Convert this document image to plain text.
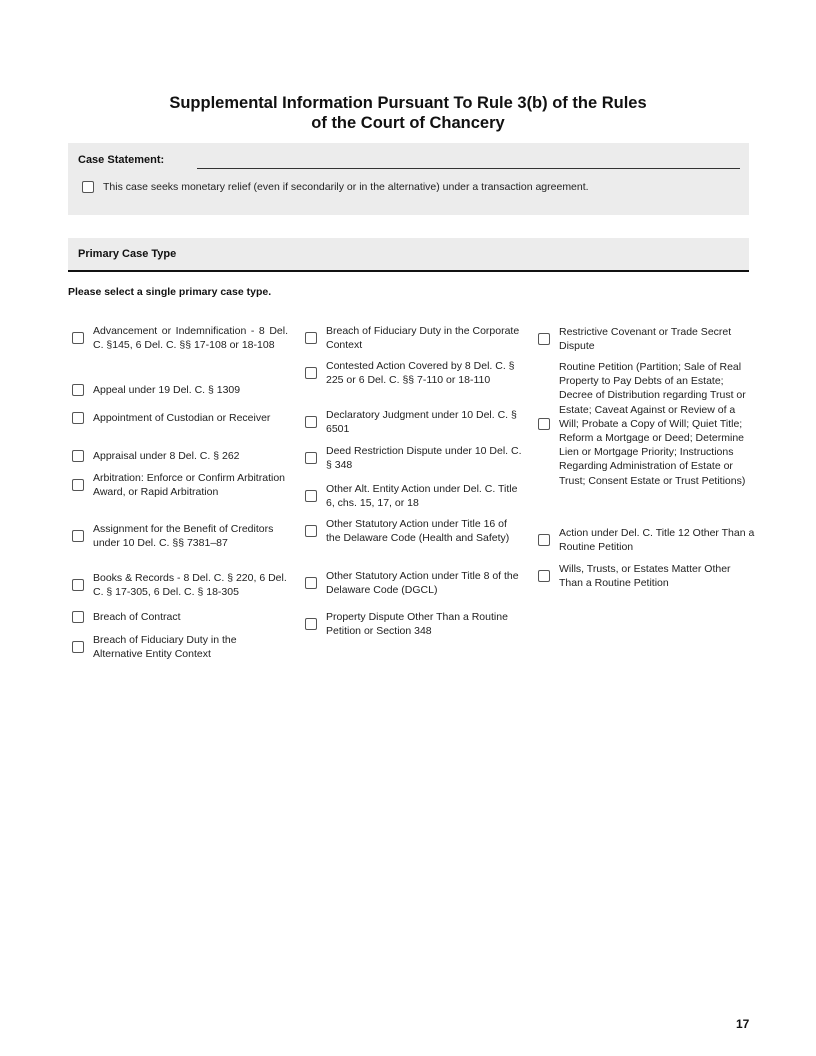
Supplemental Information Pursuant To Rule 3(b) of the Rules
of the Court of Chancery
Case Statement:
This case seeks monetary relief (even if secondarily or in the alternative) under a transaction agreement.
Primary Case Type
Please select a single primary case type.
Advancement or Indemnification - 8 Del. C. §145, 6 Del. C. §§ 17-108 or 18-108
Appeal under 19 Del. C. § 1309
Appointment of Custodian or Receiver
Appraisal under 8 Del. C. § 262
Arbitration: Enforce or Confirm Arbitration Award, or Rapid Arbitration
Assignment for the Benefit of Creditors under 10 Del. C. §§ 7381–87
Books & Records - 8 Del. C. § 220, 6 Del. C. § 17-305, 6 Del. C. § 18-305
Breach of Contract
Breach of Fiduciary Duty in the Alternative Entity Context
Breach of Fiduciary Duty in the Corporate Context
Contested Action Covered by 8 Del. C. § 225 or 6 Del. C. §§ 7-110 or 18-110
Declaratory Judgment under 10 Del. C. § 6501
Deed Restriction Dispute under 10 Del. C. § 348
Other Alt. Entity Action under Del. C. Title 6, chs. 15, 17, or 18
Other Statutory Action under Title 16 of the Delaware Code (Health and Safety)
Other Statutory Action under Title 8 of the Delaware Code (DGCL)
Property Dispute Other Than a Routine Petition or Section 348
Restrictive Covenant or Trade Secret Dispute
Routine Petition (Partition; Sale of Real Property to Pay Debts of an Estate; Decree of Distribution regarding Trust or Estate; Caveat Against or Review of a Will; Probate a Copy of Will; Quiet Title; Reform a Mortgage or Deed; Determine Lien or Mortgage Priority; Instructions Regarding Administration of Estate or Trust; Consent Estate or Trust Petitions)
Action under Del. C. Title 12 Other Than a Routine Petition
Wills, Trusts, or Estates Matter Other Than a Routine Petition
17
